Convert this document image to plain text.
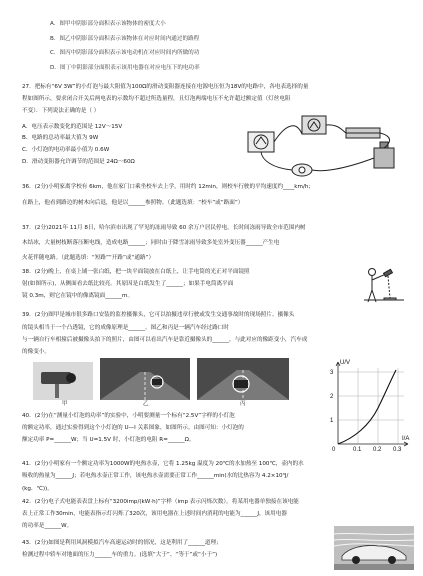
A．图甲中阴影部分面积表示该物体的密度大小
B．图乙中阴影部分面积表示该物体在对应时间内通过的路程
C．图丙中阴影部分面积表示该电动机在对应时间内所做的功
D．图丁中阴影部分面积表示该用电器在对应电压下的电功率
27．把标有“6V 3W”的小灯泡与最大阻值为100Ω的滑动变阻器连接在电源电压恒为18V的电路中，各电表选择的量
程如图所示，要求闭合开关后两电表的示数均不超过所选量程，且灯泡两端电压不允许超过额定值（灯丝电阻
不变）．下列说法正确的是（ ）
A．电压表示数变化的范围是 12V～15V
B．电路的总功率最大值为 9W
C．小灯泡的电功率最小值为 0.6W
D．滑动变阻器允许调节的范围是 24Ω～60Ω
36．(2分)小明家离学校有 6km，他在家门口乘坐校车去上学，用时约 12min，则校车行驶的平均速度约____km/h；
在路上，他看到路边的树木向后退，他是以______参照物。（此题选填：“校车”或“路面”）
37．(2分)2021年 11月 8日，哈尔滨市出现了罕见的冻雨导致 60 余万户居民停电。长时间冻雨导致全市范围内树
木结冰，大量树枝断落压断电线，造成电路______；同时由于降雪冻雨导致多处室外变压器______产生电
火花伴随电路。（此题选填：“短路”“开路”或“通路”）
38．(2分)晚上，在桌上铺一张白纸，把一块平面镜放在白纸上，让手电筒的光正对平面镜照
射(如图所示)，从侧面看去纸比较亮。其原因是白纸发生了______；如果手电筒离平面
镜 0.3m，则它在镜中的像离镜面______m。
39．(2分)图甲是城市很多路口安装的监控摄像头，它可以拍摄违章行驶或发生交通事故时的现场照片。摄像头
的镜头相当于一个凸透镜，它的成像原理是______。图乙和丙是一辆汽车经过路口时
与一辆自行车相撞后被摄像头拍下的照片，由图可以看出汽车是靠近摄像头的______，与此对应的像距变小，汽车成
的像变小。
甲	乙	丙
40．(2分)在“测量小灯泡的功率”的实验中，小明要测量一个标有“2.5V”字样的小灯泡
的额定功率，通过实验得到这个小灯泡的 U—I 关系图象，如图所示。由图可知：小灯泡的
额定功率 P=______W；当 U=1.5V 时，小灯泡的电阻 R=______Ω。
U/V
3
2
1
0	0.1 0.2 0.3
I/A
41．(2分)小明家有一个额定功率为1000W的电热水壶，它将 1.25kg 温度为 20℃的水加热至 100℃，壶内的水
吸收的热量为______J；若电热水壶正常工作，该电热水壶需要正常工作______min(水的比热容为 4.2×10³J/
(kg．℃))。
42．(2分)电子式电能表表盘上标有“3200imp/(kW·h)”字样（imp 表示闪烁次数）。将某用电器单独接在该电能
表上正常工作30min，电能表指示灯闪烁了320次，该用电器在上述时间内消耗的电能为______J，该用电器
的功率是______W。
43．(2分)如图是利用风洞模拟汽车高速运动时的情况，这是利用了______道理；
检测过程中轿车对地面的压力______车的重力。(选填“大于”、“等于”或“小于”)
